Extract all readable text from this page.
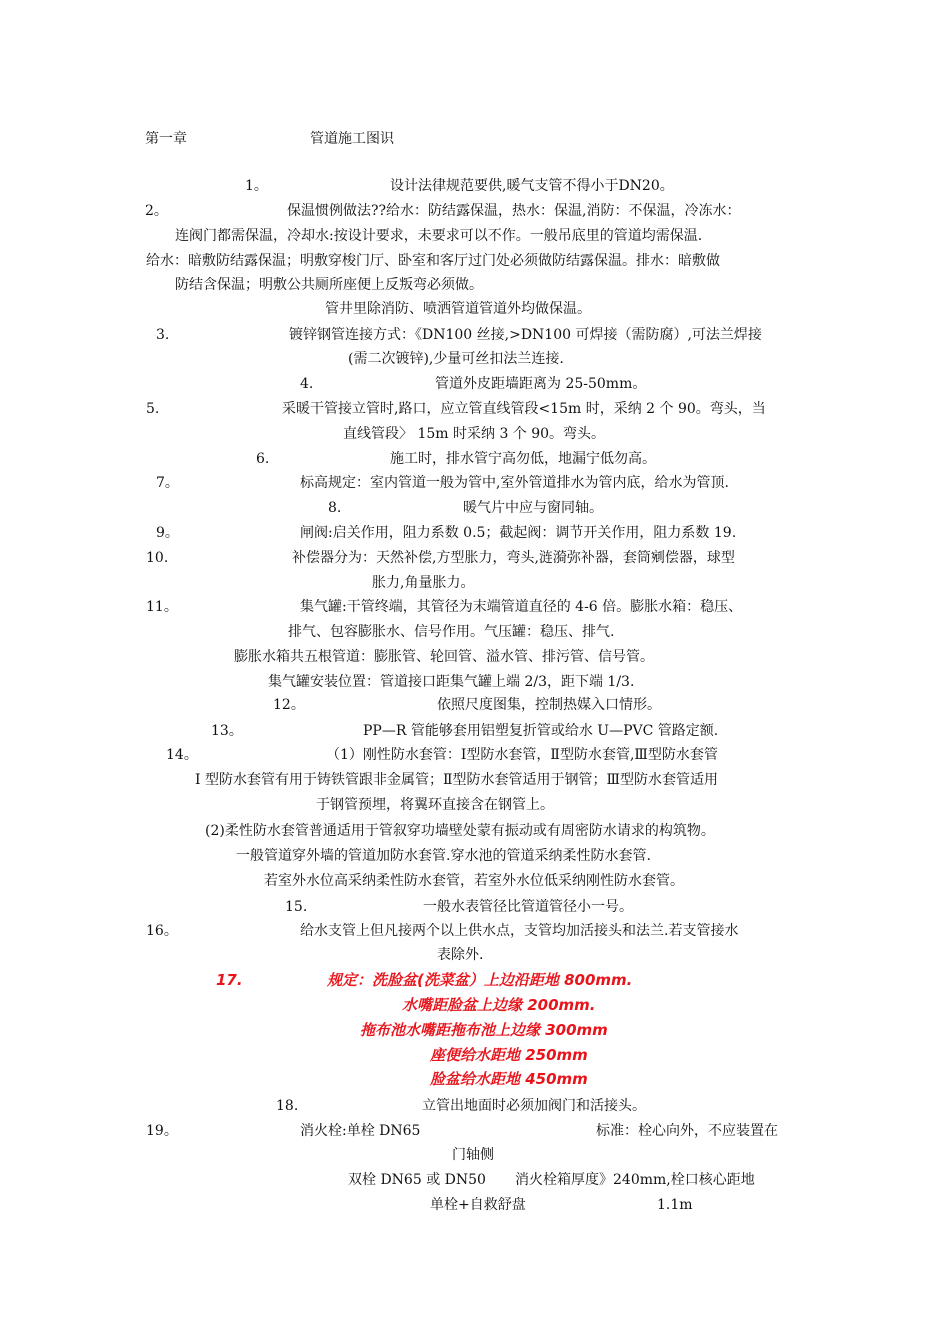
第一章	管道施工图识
1。	设计法律规范要供,暖气支管不得小于DN20。
2。	保温惯例做法??给水：防结露保温，热水：保温,消防：不保温，冷冻水：
连阀门都需保温，冷却水:按设计要求，未要求可以不作。一般吊底里的管道均需保温.
给水：暗敷防结露保温；明敷穿梭门厅、卧室和客厅过门处必须做防结露保温。排水：暗敷做
防结含保温；明敷公共厕所座便上反叛弯必须做。
管井里除消防、喷洒管道管道外均做保温。
3.	镀锌钢管连接方式：《DN100 丝接,>DN100 可焊接（需防腐）,可法兰焊接
(需二次镀锌),少量可丝扣法兰连接.
4.	管道外皮距墙距离为 25-50mm。
5.	采暖干管接立管时,路口，应立管直线管段<15m 时，采纳 2 个 90。弯头，当
直线管段〉 15m 时采纳 3 个 90。弯头。
6.	施工时，排水管宁高勿低，地漏宁低勿高。
7。	标高规定：室内管道一般为管中,室外管道排水为管内底，给水为管顶.
8.	暖气片中应与窗同轴。
9。	闸阀:启关作用，阻力系数 0.5；截起阀：调节开关作用，阻力系数 19.
10.	补偿器分为：天然补偿,方型胀力，弯头,涟漪弥补器，套筒剜偿器，球型
胀力,角量胀力。
11。	集气罐:干管终端，其管径为末端管道直径的 4-6 倍。膨胀水箱：稳压、
排气、包容膨胀水、信号作用。气压罐：稳压、排气.
膨胀水箱共五根管道：膨胀管、轮回管、溢水管、排污管、信号管。
集气罐安装位置：管道接口距集气罐上端 2/3，距下端 1/3.
12。	依照尺度图集，控制热媒入口情形。
13。	PP—R 管能够套用铝塑复折管或给水 U—PVC 管路定额.
14。	（1）刚性防水套管：Ⅰ型防水套管，Ⅱ型防水套管,Ⅲ型防水套管
Ⅰ 型防水套管有用于铸铁管跟非金属管；Ⅱ型防水套管适用于钢管；Ⅲ型防水套管适用
于钢管预埋，将翼环直接含在钢管上。
(2)柔性防水套管普通适用于管叙穿功墙壁处蒙有振动或有周密防水请求的构筑物。
一般管道穿外墙的管道加防水套管.穿水池的管道采纳柔性防水套管.
若室外水位高采纳柔性防水套管，若室外水位低采纳刚性防水套管。
15.	一般水表管径比管道管径小一号。
16。	给水支管上但凡接两个以上供水点，支管均加活接头和法兰.若支管接水
表除外.
17.	规定：洗脸盆(洗菜盆）上边沿距地 800mm.
水嘴距脸盆上边缘 200mm.
拖布池水嘴距拖布池上边缘 300mm
座便给水距地 250mm
脸盆给水距地 450mm
18.	立管出地面时必须加阀门和活接头。
19。	消火栓:单栓 DN65	标准：栓心向外，不应装置在
门轴侧
双栓 DN65 或 DN50 消火栓箱厚度》240mm,栓口核心距地
单栓+自救舒盘	1.1m
